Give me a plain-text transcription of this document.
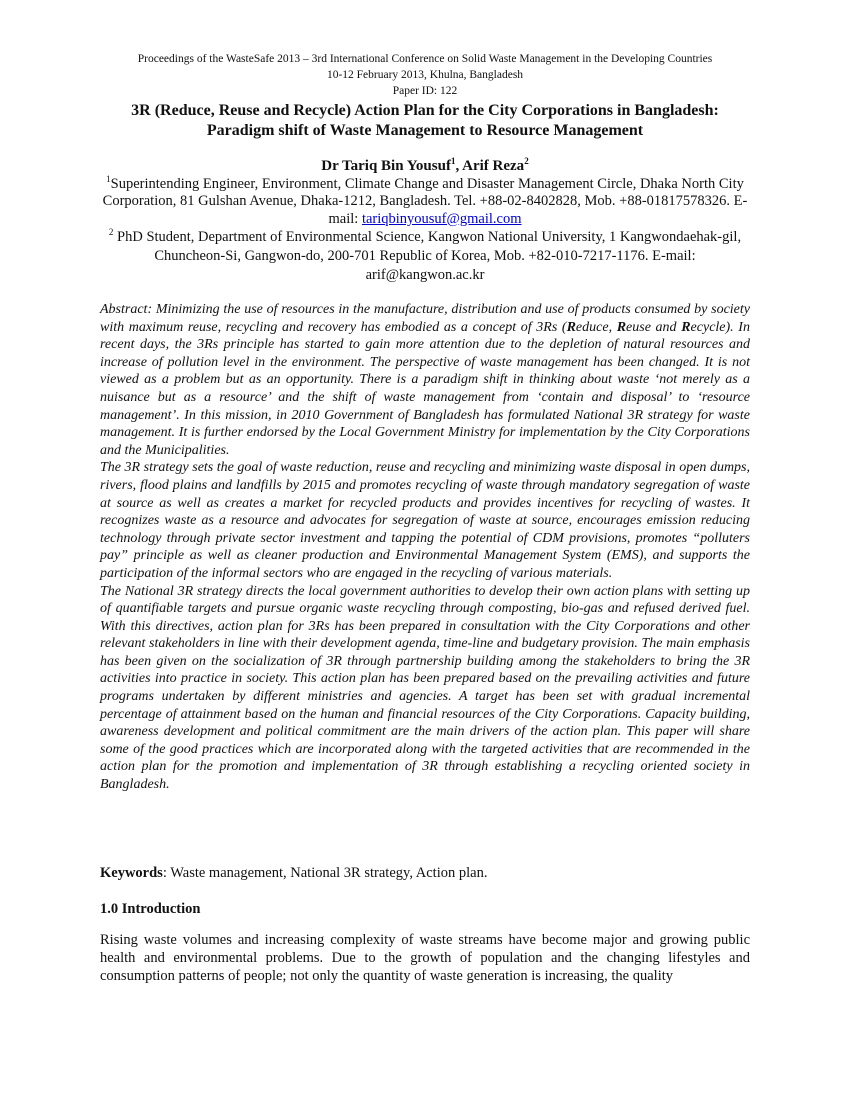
Proceedings of the WasteSafe 2013 – 3rd International Conference on Solid Waste Management in the Developing Countries
10-12 February 2013, Khulna, Bangladesh
Paper ID: 122
3R (Reduce, Reuse and Recycle) Action Plan for the City Corporations in Bangladesh:
Paradigm shift of Waste Management to Resource Management
Dr Tariq Bin Yousuf$^1$, Arif Reza$^2$
$^1$Superintending Engineer, Environment, Climate Change and Disaster Management Circle, Dhaka North City Corporation, 81 Gulshan Avenue, Dhaka-1212, Bangladesh. Tel. +88-02-8402828, Mob. +88-01817578326. E-mail: tariqbinyousuf@gmail.com
$^2$ PhD Student, Department of Environmental Science, Kangwon National University, 1 Kangwondaehak-gil, Chuncheon-Si, Gangwon-do, 200-701 Republic of Korea, Mob. +82-010-7217-1176. E-mail: arif@kangwon.ac.kr

Abstract: Minimizing the use of resources in the manufacture, distribution and use of products consumed by society with maximum reuse, recycling and recovery has embodied as a concept of 3Rs (Reduce, Reuse and Recycle). In recent days, the 3Rs principle has started to gain more attention due to the depletion of natural resources and increase of pollution level in the environment. The perspective of waste management has been changed. It is not viewed as a problem but as an opportunity. There is a paradigm shift in thinking about waste ‘not merely as a nuisance but as a resource’ and the shift of waste management from ‘contain and disposal’ to ‘resource management’. In this mission, in 2010 Government of Bangladesh has formulated National 3R strategy for waste management. It is further endorsed by the Local Government Ministry for implementation by the City Corporations and the Municipalities.

The 3R strategy sets the goal of waste reduction, reuse and recycling and minimizing waste disposal in open dumps, rivers, flood plains and landfills by 2015 and promotes recycling of waste through mandatory segregation of waste at source as well as creates a market for recycled products and provides incentives for recycling of wastes. It recognizes waste as a resource and advocates for segregation of waste at source, encourages emission reducing technology through private sector investment and tapping the potential of CDM provisions, promotes “polluters pay” principle as well as cleaner production and Environmental Management System (EMS), and supports the participation of the informal sectors who are engaged in the recycling of various materials.

The National 3R strategy directs the local government authorities to develop their own action plans with setting up of quantifiable targets and pursue organic waste recycling through composting, bio-gas and refused derived fuel. With this directives, action plan for 3Rs has been prepared in consultation with the City Corporations and other relevant stakeholders in line with their development agenda, time-line and budgetary provision. The main emphasis has been given on the socialization of 3R through partnership building among the stakeholders to bring the 3R activities into practice in society. This action plan has been prepared based on the prevailing activities and future programs undertaken by different ministries and agencies. A target has been set with gradual incremental percentage of attainment based on the human and financial resources of the City Corporations. Capacity building, awareness development and political commitment are the main drivers of the action plan. This paper will share some of the good practices which are incorporated along with the targeted activities that are recommended in the action plan for the promotion and implementation of 3R through establishing a recycling oriented society in Bangladesh.

Keywords: Waste management, National 3R strategy, Action plan.
1.0 Introduction

Rising waste volumes and increasing complexity of waste streams have become major and growing public health and environmental problems. Due to the growth of population and the changing lifestyles and consumption patterns of people; not only the quantity of waste generation is increasing, the quality
